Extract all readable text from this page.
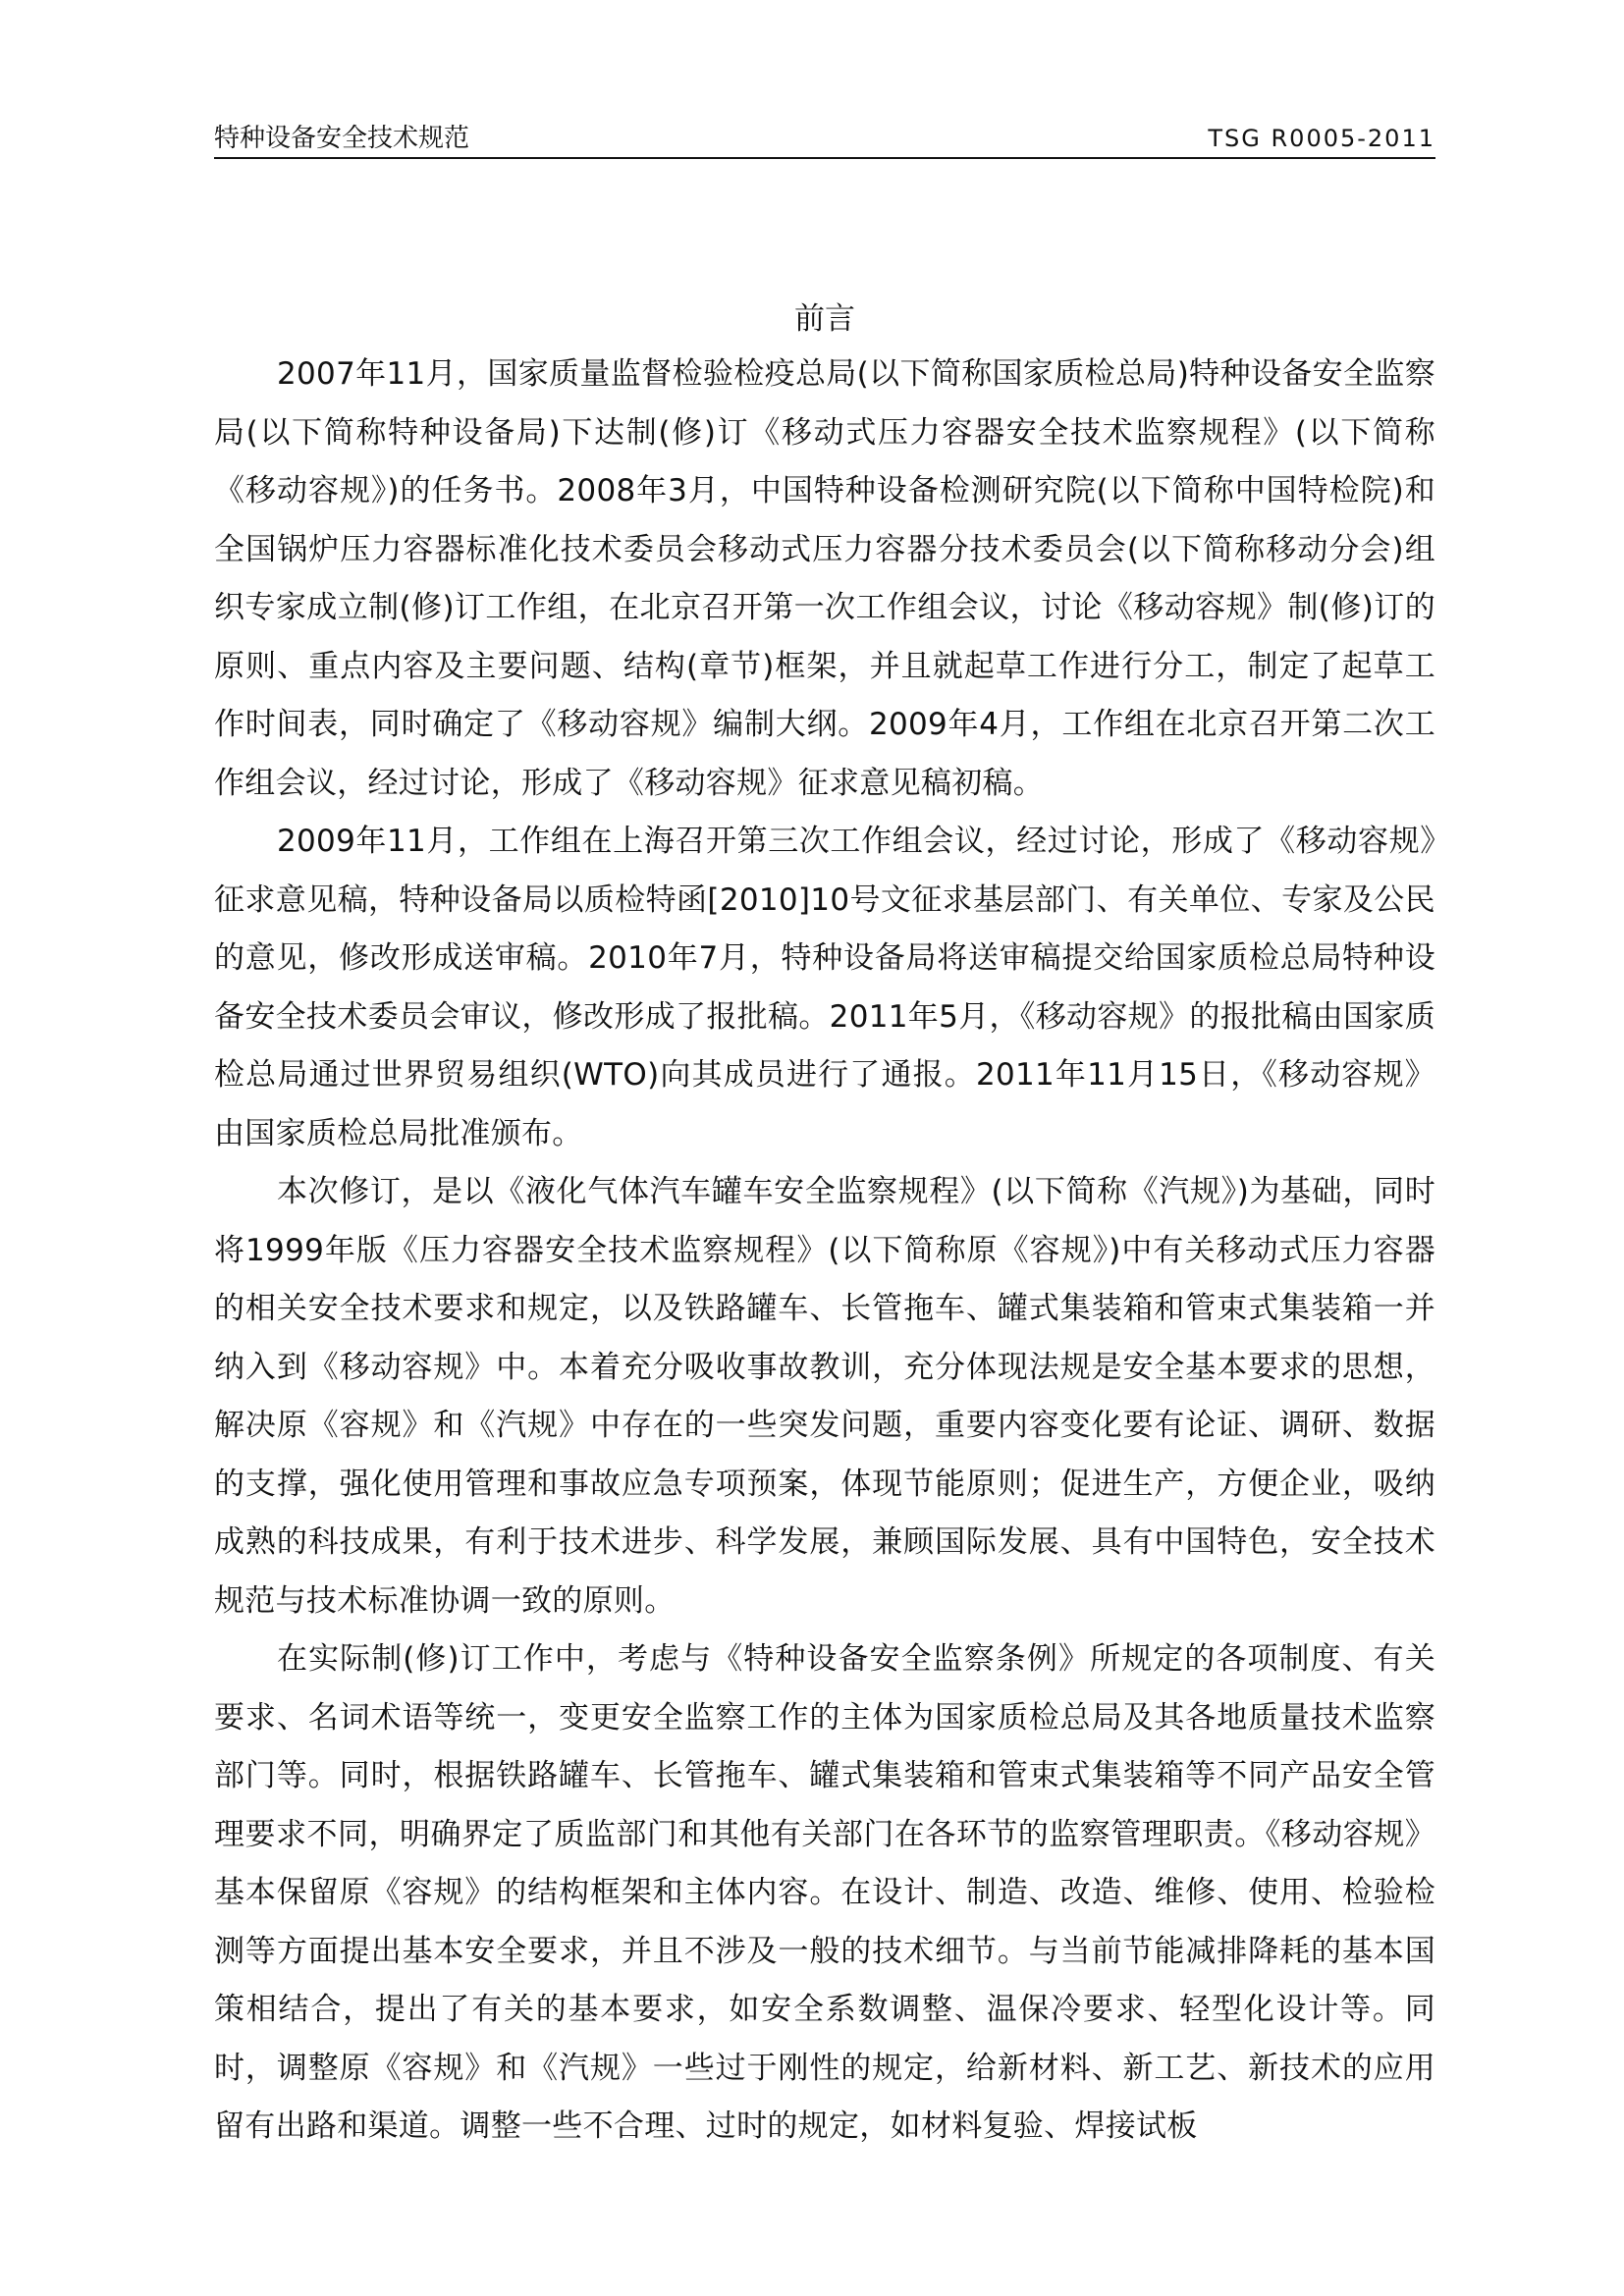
特种设备安全技术规范	TSG R0005-2011
前言

2007年11月，国家质量监督检验检疫总局(以下简称国家质检总局)特种设备安全监察局(以下简称特种设备局)下达制(修)订《移动式压力容器安全技术监察规程》(以下简称《移动容规》)的任务书。2008年3月，中国特种设备检测研究院(以下简称中国特检院)和全国锅炉压力容器标准化技术委员会移动式压力容器分技术委员会(以下简称移动分会)组织专家成立制(修)订工作组，在北京召开第一次工作组会议，讨论《移动容规》制(修)订的原则、重点内容及主要问题、结构(章节)框架，并且就起草工作进行分工，制定了起草工作时间表，同时确定了《移动容规》编制大纲。2009年4月，工作组在北京召开第二次工作组会议，经过讨论，形成了《移动容规》征求意见稿初稿。

2009年11月，工作组在上海召开第三次工作组会议，经过讨论，形成了《移动容规》征求意见稿，特种设备局以质检特函[2010]10号文征求基层部门、有关单位、专家及公民的意见，修改形成送审稿。2010年7月，特种设备局将送审稿提交给国家质检总局特种设备安全技术委员会审议，修改形成了报批稿。2011年5月，《移动容规》的报批稿由国家质检总局通过世界贸易组织(WTO)向其成员进行了通报。2011年11月15日，《移动容规》由国家质检总局批准颁布。

本次修订，是以《液化气体汽车罐车安全监察规程》(以下简称《汽规》)为基础，同时将1999年版《压力容器安全技术监察规程》(以下简称原《容规》)中有关移动式压力容器的相关安全技术要求和规定，以及铁路罐车、长管拖车、罐式集装箱和管束式集装箱一并纳入到《移动容规》中。本着充分吸收事故教训，充分体现法规是安全基本要求的思想，解决原《容规》和《汽规》中存在的一些突发问题，重要内容变化要有论证、调研、数据的支撑，强化使用管理和事故应急专项预案，体现节能原则；促进生产，方便企业，吸纳成熟的科技成果，有利于技术进步、科学发展，兼顾国际发展、具有中国特色，安全技术规范与技术标准协调一致的原则。

在实际制(修)订工作中，考虑与《特种设备安全监察条例》所规定的各项制度、有关要求、名词术语等统一，变更安全监察工作的主体为国家质检总局及其各地质量技术监察部门等。同时，根据铁路罐车、长管拖车、罐式集装箱和管束式集装箱等不同产品安全管理要求不同，明确界定了质监部门和其他有关部门在各环节的监察管理职责。《移动容规》基本保留原《容规》的结构框架和主体内容。在设计、制造、改造、维修、使用、检验检测等方面提出基本安全要求，并且不涉及一般的技术细节。与当前节能减排降耗的基本国策相结合，提出了有关的基本要求，如安全系数调整、温保冷要求、轻型化设计等。同时，调整原《容规》和《汽规》一些过于刚性的规定，给新材料、新工艺、新技术的应用留有出路和渠道。调整一些不合理、过时的规定，如材料复验、焊接试板
